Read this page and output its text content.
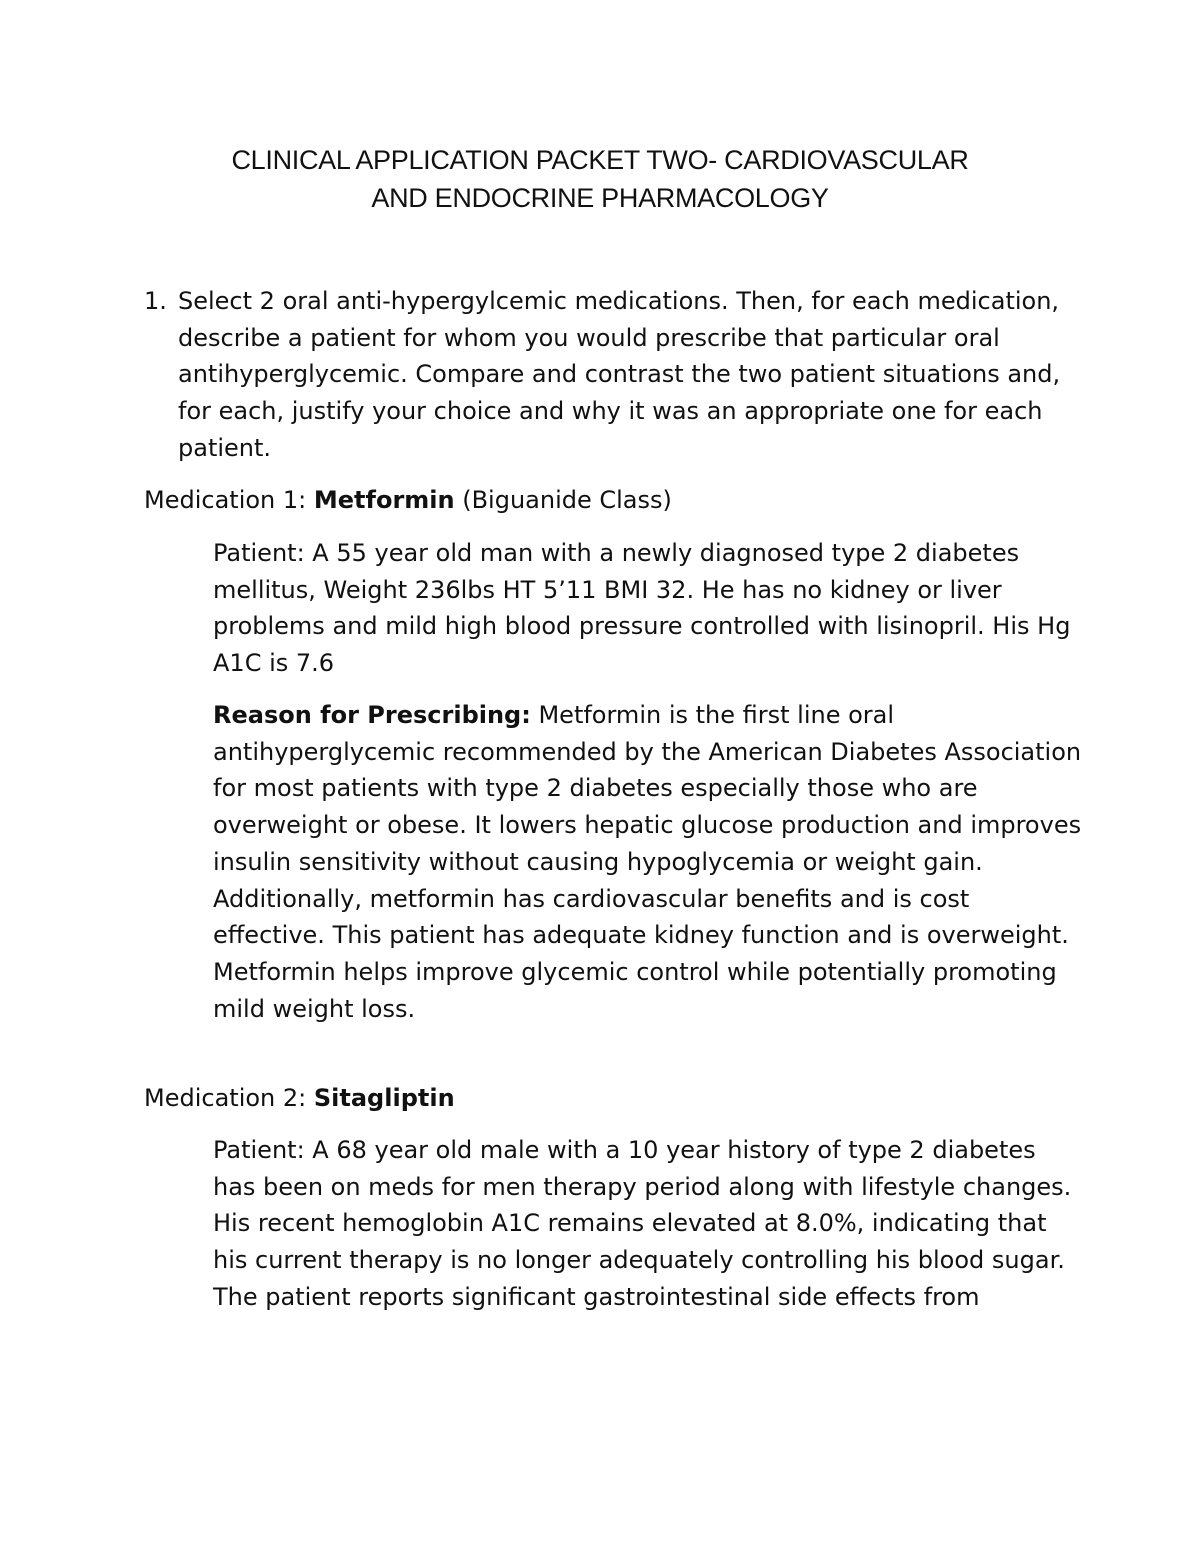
CLINICAL APPLICATION PACKET TWO- CARDIOVASCULAR
AND ENDOCRINE PHARMACOLOGY
1. Select 2 oral anti-hypergylcemic medications. Then, for each medication, describe a patient for whom you would prescribe that particular oral antihyperglycemic. Compare and contrast the two patient situations and, for each, justify your choice and why it was an appropriate one for each patient.

Medication 1: Metformin (Biguanide Class)

Patient: A 55 year old man with a newly diagnosed type 2 diabetes mellitus, Weight 236lbs HT 5’11 BMI 32. He has no kidney or liver problems and mild high blood pressure controlled with lisinopril. His Hg A1C is 7.6

Reason for Prescribing: Metformin is the first line oral antihyperglycemic recommended by the American Diabetes Association for most patients with type 2 diabetes especially those who are overweight or obese. It lowers hepatic glucose production and improves insulin sensitivity without causing hypoglycemia or weight gain. Additionally, metformin has cardiovascular benefits and is cost effective. This patient has adequate kidney function and is overweight. Metformin helps improve glycemic control while potentially promoting mild weight loss.

Medication 2: Sitagliptin

Patient: A 68 year old male with a 10 year history of type 2 diabetes has been on meds for men therapy period along with lifestyle changes. His recent hemoglobin A1C remains elevated at 8.0%, indicating that his current therapy is no longer adequately controlling his blood sugar. The patient reports significant gastrointestinal side effects from
